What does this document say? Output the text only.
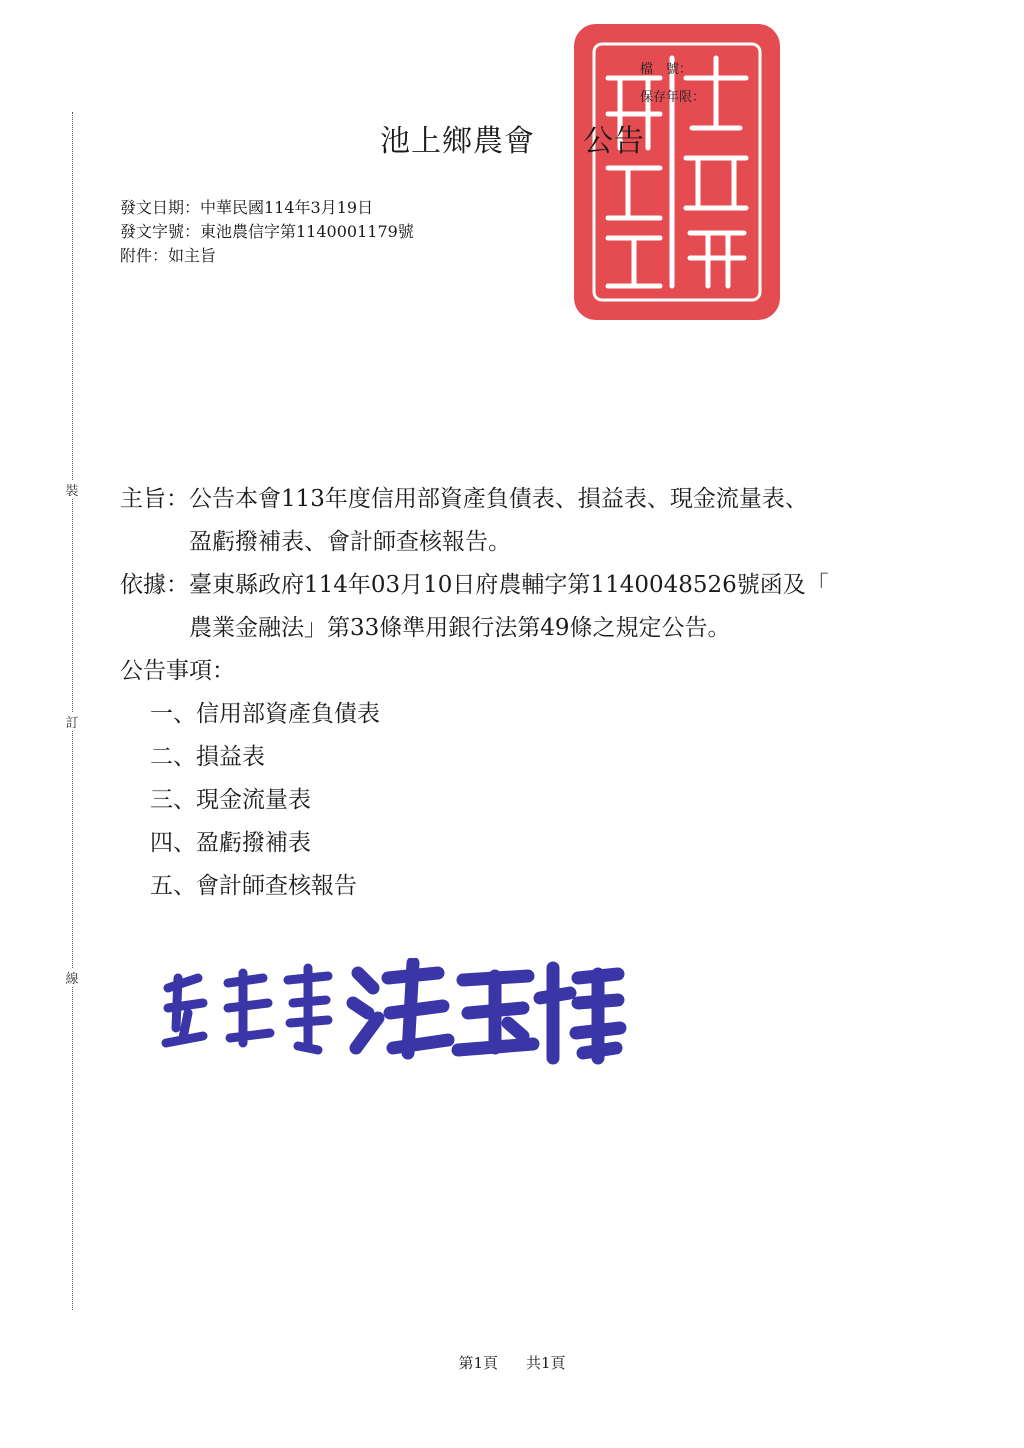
裝
訂
線
檔　號：
保存年限：
池上鄉農會 公告
發文日期：中華民國114年3月19日
發文字號：東池農信字第1140001179號
附件：如主旨
主旨： 公告本會113年度信用部資產負債表、損益表、現金流量表、
盈虧撥補表、會計師查核報告。
依據： 臺東縣政府114年03月10日府農輔字第1140048526號函及「
農業金融法」第33條準用銀行法第49條之規定公告。
公告事項：
一、信用部資產負債表
二、損益表
三、現金流量表
四、盈虧撥補表
五、會計師查核報告
第1頁 共1頁
